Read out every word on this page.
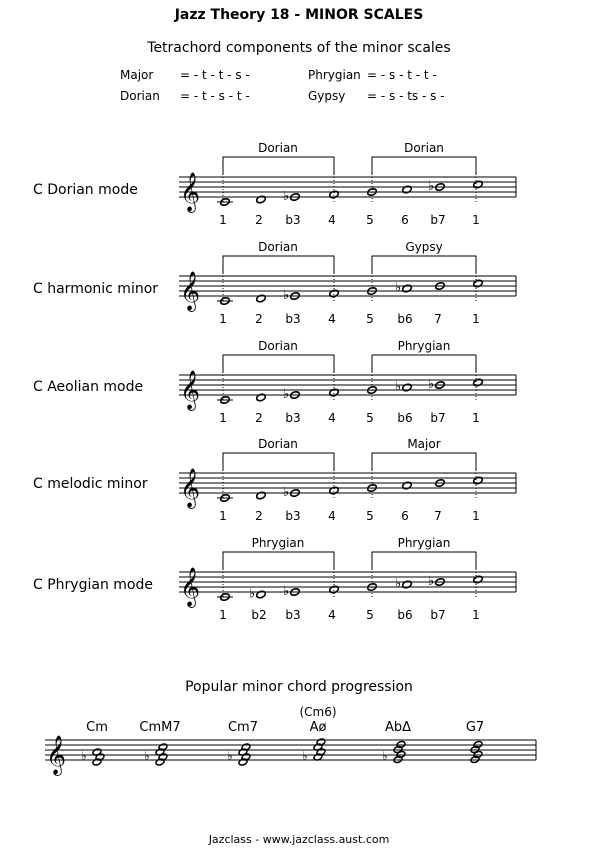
Jazz Theory 18 - MINOR SCALES
Tetrachord components of the minor scales
Major = - t - t - s -	Phrygian = - s - t - t -
Dorian = - t - s - t -	Gypsy = - s - ts - s -
C Dorian mode
C harmonic minor
C Aeolian mode
C melodic minor
C Phrygian mode
𝄞
Dorian	Dorian
1 2
♭
b3 4	5 6
♭
b7 1
𝄞
Dorian	Gypsy
1 2
♭
b3 4	5
♭
b6 7	1
𝄞
Dorian	Phrygian
1 2
♭
b3 4	5
♭
b6
♭
b7 1
𝄞
Dorian	Major
1 2
♭
b3 4	5 6 7	1
𝄞
Phrygian	Phrygian
1
♭
b2
♭
b3 4	5
♭
b6
♭
b7 1
𝄞
Cm
♭
CmM7
♭
Cm7
♭
Aø
(Cm6)
♭
AbΔ
♭
G7
Popular minor chord progression
Jazclass - www.jazclass.aust.com
